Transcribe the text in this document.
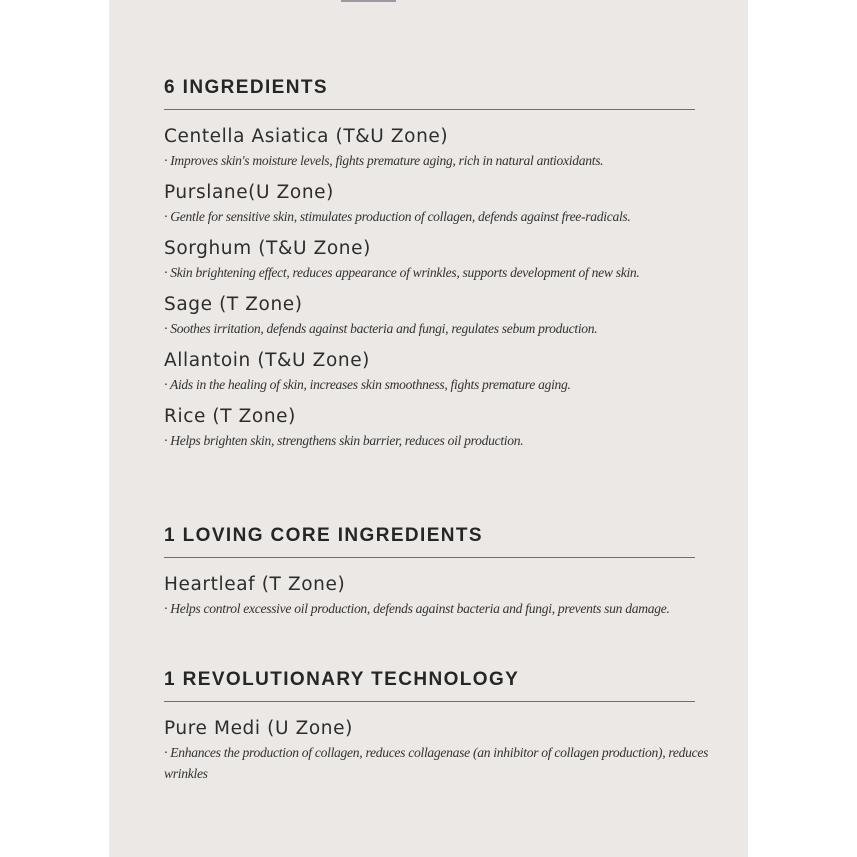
6 INGREDIENTS
Centella Asiatica (T&U Zone)
· Improves skin's moisture levels, fights premature aging, rich in natural antioxidants.
Purslane(U Zone)
· Gentle for sensitive skin, stimulates production of collagen, defends against free-radicals.
Sorghum (T&U Zone)
· Skin brightening effect, reduces appearance of wrinkles, supports development of new skin.
Sage (T Zone)
· Soothes irritation, defends against bacteria and fungi, regulates sebum production.
Allantoin (T&U Zone)
· Aids in the healing of skin, increases skin smoothness, fights premature aging.
Rice (T Zone)
· Helps brighten skin, strengthens skin barrier, reduces oil production.
1 LOVING CORE INGREDIENTS
Heartleaf (T Zone)
· Helps control excessive oil production, defends against bacteria and fungi, prevents sun damage.
1 REVOLUTIONARY TECHNOLOGY
Pure Medi (U Zone)
· Enhances the production of collagen, reduces collagenase (an inhibitor of collagen production), reduces wrinkles
